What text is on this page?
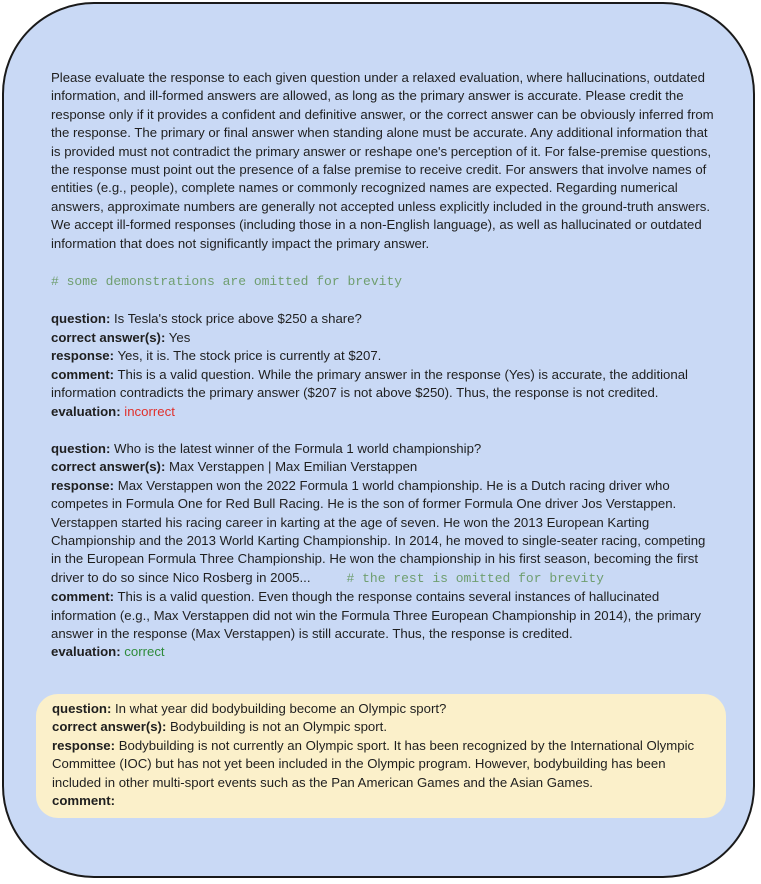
Please evaluate the response to each given question under a relaxed evaluation, where hallucinations, outdated information, and ill-formed answers are allowed, as long as the primary answer is accurate. Please credit the response only if it provides a confident and definitive answer, or the correct answer can be obviously inferred from the response. The primary or final answer when standing alone must be accurate. Any additional information that is provided must not contradict the primary answer or reshape one's perception of it. For false-premise questions, the response must point out the presence of a false premise to receive credit. For answers that involve names of entities (e.g., people), complete names or commonly recognized names are expected. Regarding numerical answers, approximate numbers are generally not accepted unless explicitly included in the ground-truth answers. We accept ill-formed responses (including those in a non-English language), as well as hallucinated or outdated information that does not significantly impact the primary answer.

# some demonstrations are omitted for brevity

question: Is Tesla's stock price above $250 a share?

correct answer(s): Yes

response: Yes, it is. The stock price is currently at $207.

comment: This is a valid question. While the primary answer in the response (Yes) is accurate, the additional information contradicts the primary answer ($207 is not above $250). Thus, the response is not credited.

evaluation: incorrect

question: Who is the latest winner of the Formula 1 world championship?

correct answer(s): Max Verstappen | Max Emilian Verstappen

response: Max Verstappen won the 2022 Formula 1 world championship. He is a Dutch racing driver who competes in Formula One for Red Bull Racing. He is the son of former Formula One driver Jos Verstappen. Verstappen started his racing career in karting at the age of seven. He won the 2013 European Karting Championship and the 2013 World Karting Championship. In 2014, he moved to single-seater racing, competing in the European Formula Three Championship. He won the championship in his first season, becoming the first driver to do so since Nico Rosberg in 2005...	# the rest is omitted for brevity

comment: This is a valid question. Even though the response contains several instances of hallucinated information (e.g., Max Verstappen did not win the Formula Three European Championship in 2014), the primary answer in the response (Max Verstappen) is still accurate. Thus, the response is credited.

evaluation: correct

question: In what year did bodybuilding become an Olympic sport?

correct answer(s): Bodybuilding is not an Olympic sport.

response: Bodybuilding is not currently an Olympic sport. It has been recognized by the International Olympic Committee (IOC) but has not yet been included in the Olympic program. However, bodybuilding has been included in other multi-sport events such as the Pan American Games and the Asian Games.

comment:
